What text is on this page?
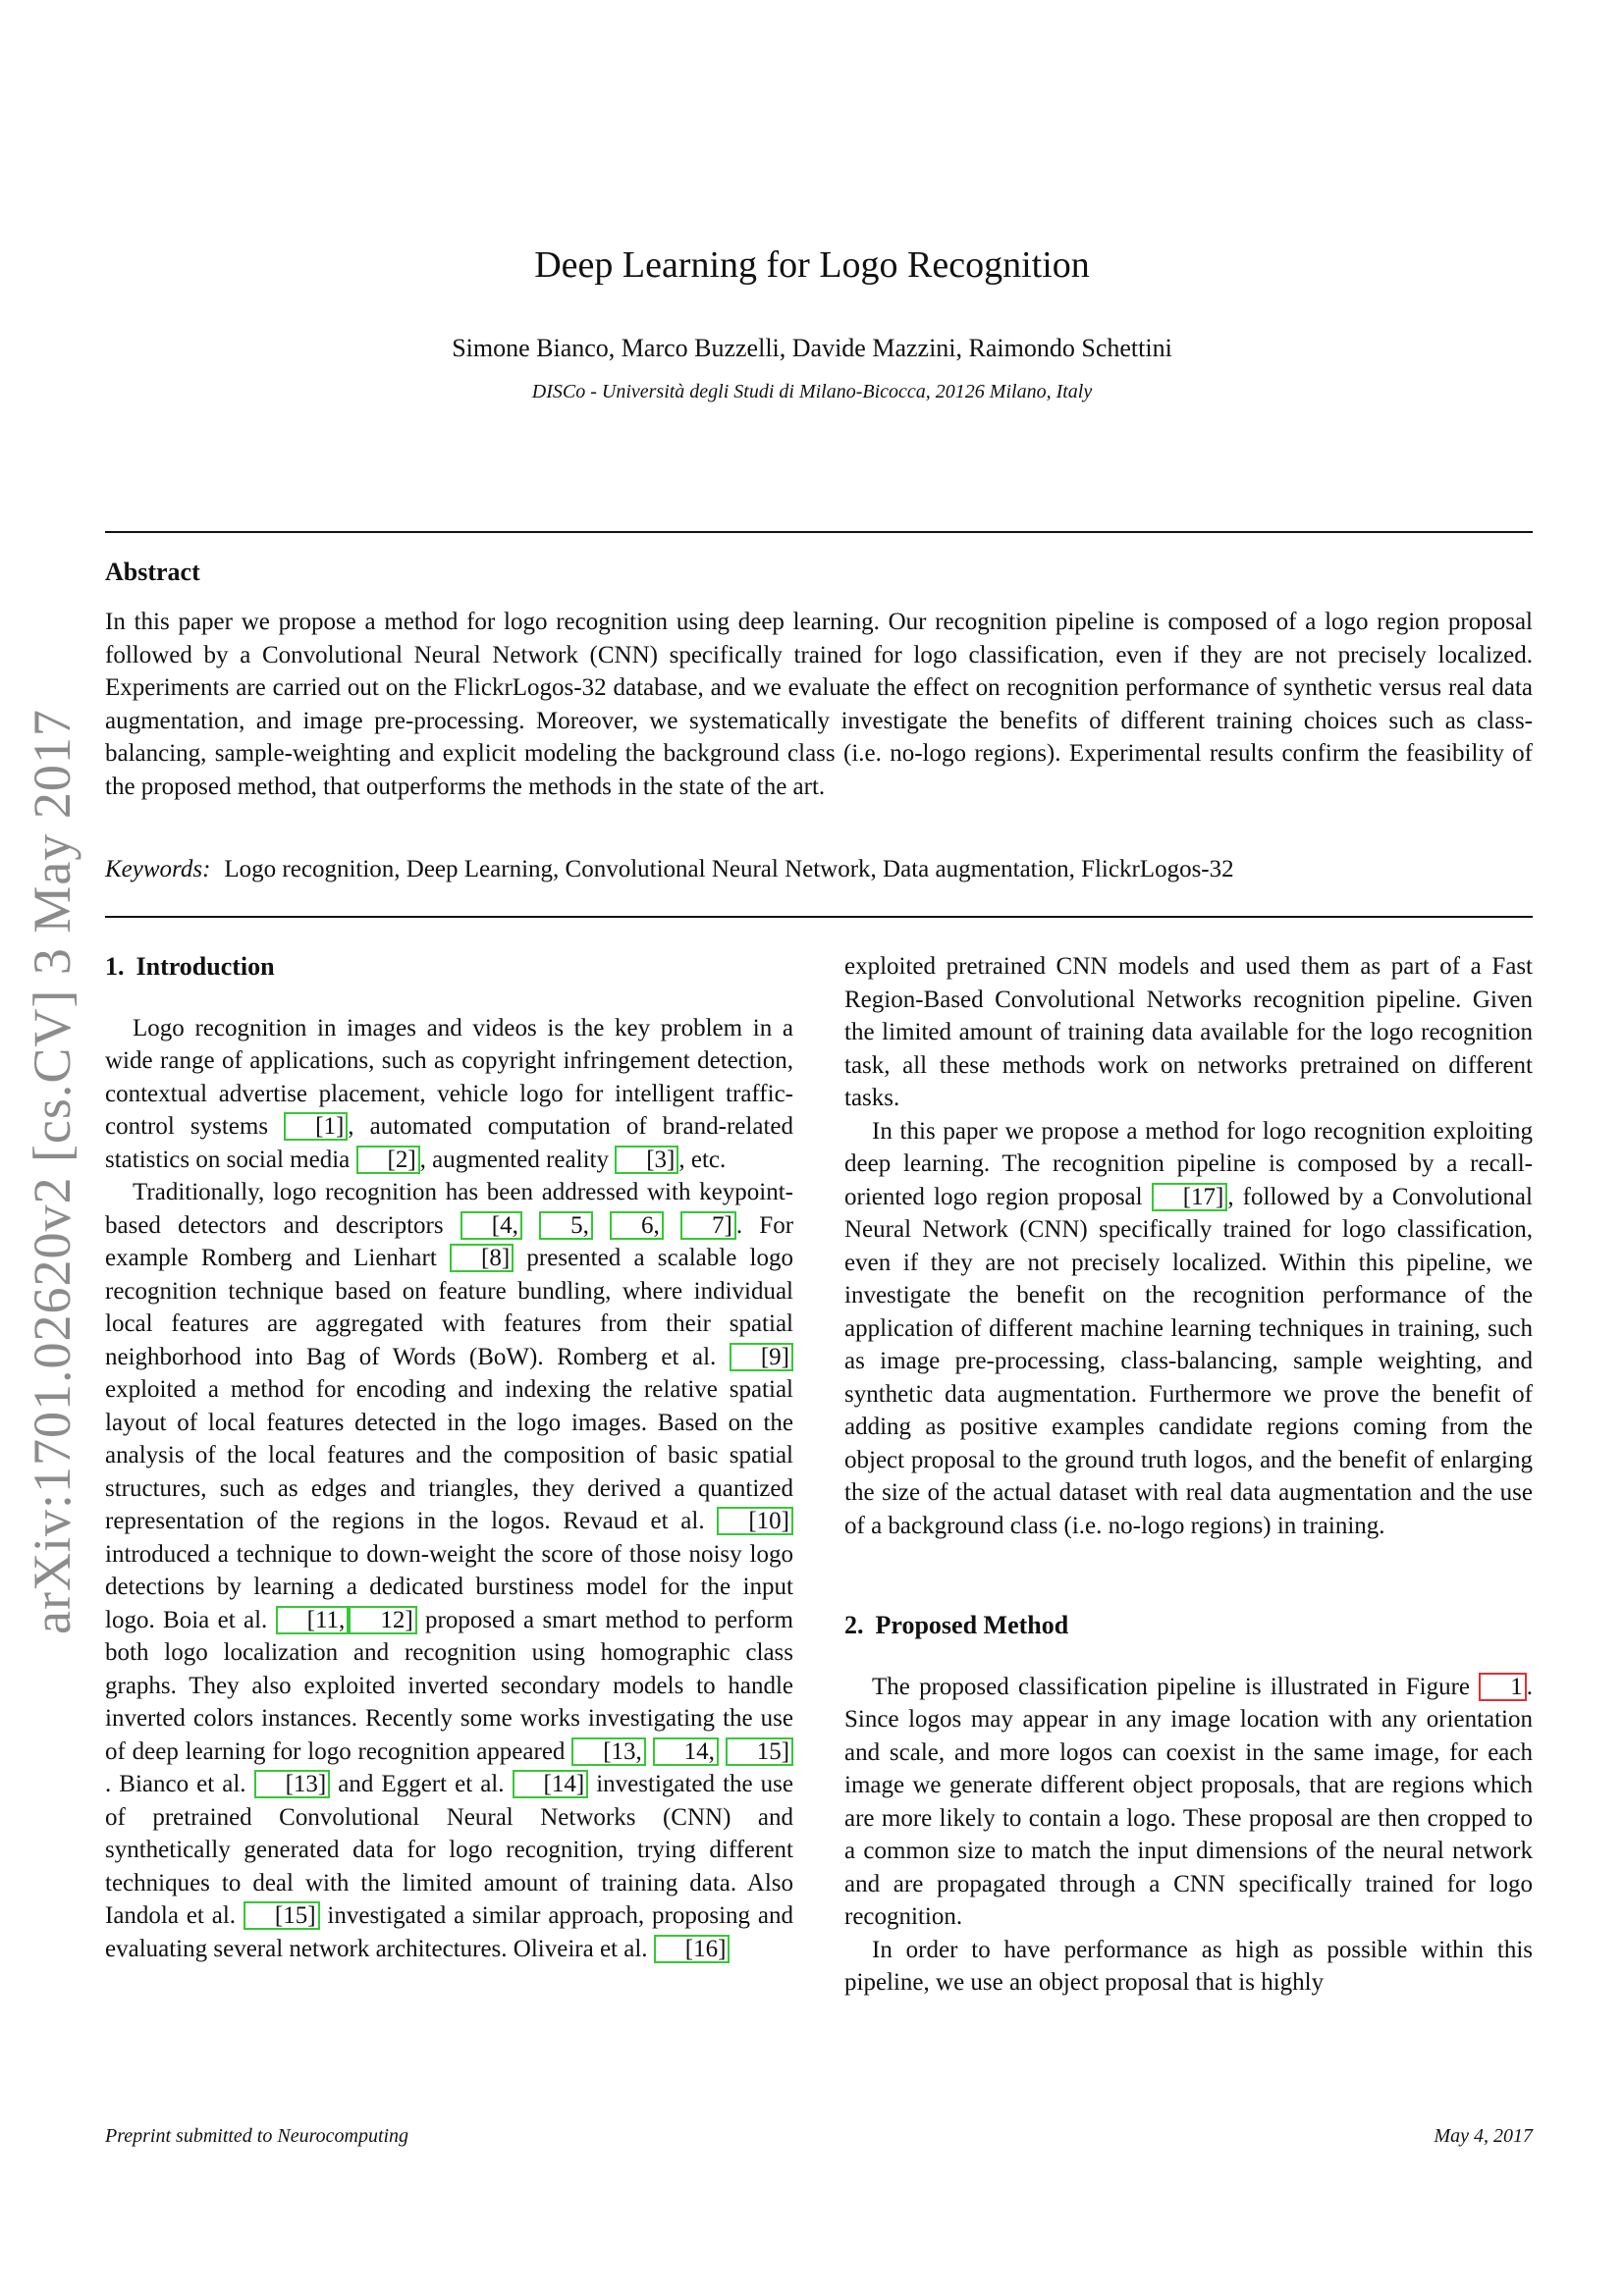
arXiv:1701.02620v2 [cs.CV] 3 May 2017
Deep Learning for Logo Recognition
Simone Bianco, Marco Buzzelli, Davide Mazzini, Raimondo Schettini
DISCo - Università degli Studi di Milano-Bicocca, 20126 Milano, Italy
Abstract

In this paper we propose a method for logo recognition using deep learning. Our recognition pipeline is composed of a logo region proposal followed by a Convolutional Neural Network (CNN) specifically trained for logo classification, even if they are not precisely localized. Experiments are carried out on the FlickrLogos-32 database, and we evaluate the effect on recognition performance of synthetic versus real data augmentation, and image pre-processing. Moreover, we systematically investigate the benefits of different training choices such as class-balancing, sample-weighting and explicit modeling the background class (i.e. no-logo regions). Experimental results confirm the feasibility of the proposed method, that outperforms the methods in the state of the art.

Keywords: Logo recognition, Deep Learning, Convolutional Neural Network, Data augmentation, FlickrLogos-32
1. Introduction

Logo recognition in images and videos is the key problem in a wide range of applications, such as copyright infringement detection, contextual advertise placement, vehicle logo for intelligent traffic-control systems [1] , automated computation of brand-related statistics on social media [2] , augmented reality [3] , etc.

Traditionally, logo recognition has been addressed with keypoint-based detectors and descriptors [4, 5, 6, 7] . For example Romberg and Lienhart [8] presented a scalable logo recognition technique based on feature bundling, where individual local features are aggregated with features from their spatial neighborhood into Bag of Words (BoW). Romberg et al. [9] exploited a method for encoding and indexing the relative spatial layout of local features detected in the logo images. Based on the analysis of the local features and the composition of basic spatial structures, such as edges and triangles, they derived a quantized representation of the regions in the logos. Revaud et al. [10] introduced a technique to down-weight the score of those noisy logo detections by learning a dedicated burstiness model for the input logo. Boia et al. [11, 12] proposed a smart method to perform both logo localization and recognition using homographic class graphs. They also exploited inverted secondary models to handle inverted colors instances. Recently some works investigating the use of deep learning for logo recognition appeared [13, 14, 15]. Bianco et al. [13] and Eggert et al. [14] investigated the use of pretrained Convolutional Neural Networks (CNN) and synthetically generated data for logo recognition, trying different techniques to deal with the limited amount of training data. Also Iandola et al. [15] investigated a similar approach, proposing and evaluating several network architectures. Oliveira et al. [16]

exploited pretrained CNN models and used them as part of a Fast Region-Based Convolutional Networks recognition pipeline. Given the limited amount of training data available for the logo recognition task, all these methods work on networks pretrained on different tasks.

In this paper we propose a method for logo recognition exploiting deep learning. The recognition pipeline is composed by a recall-oriented logo region proposal [17] , followed by a Convolutional Neural Network (CNN) specifically trained for logo classification, even if they are not precisely localized. Within this pipeline, we investigate the benefit on the recognition performance of the application of different machine learning techniques in training, such as image pre-processing, class-balancing, sample weighting, and synthetic data augmentation. Furthermore we prove the benefit of adding as positive examples candidate regions coming from the object proposal to the ground truth logos, and the benefit of enlarging the size of the actual dataset with real data augmentation and the use of a background class (i.e. no-logo regions) in training.

2. Proposed Method

The proposed classification pipeline is illustrated in Figure 1 . Since logos may appear in any image location with any orientation and scale, and more logos can coexist in the same image, for each image we generate different object proposals, that are regions which are more likely to contain a logo. These proposal are then cropped to a common size to match the input dimensions of the neural network and are propagated through a CNN specifically trained for logo recognition.

In order to have performance as high as possible within this pipeline, we use an object proposal that is highly

Preprint submitted to Neurocomputing	May 4, 2017
